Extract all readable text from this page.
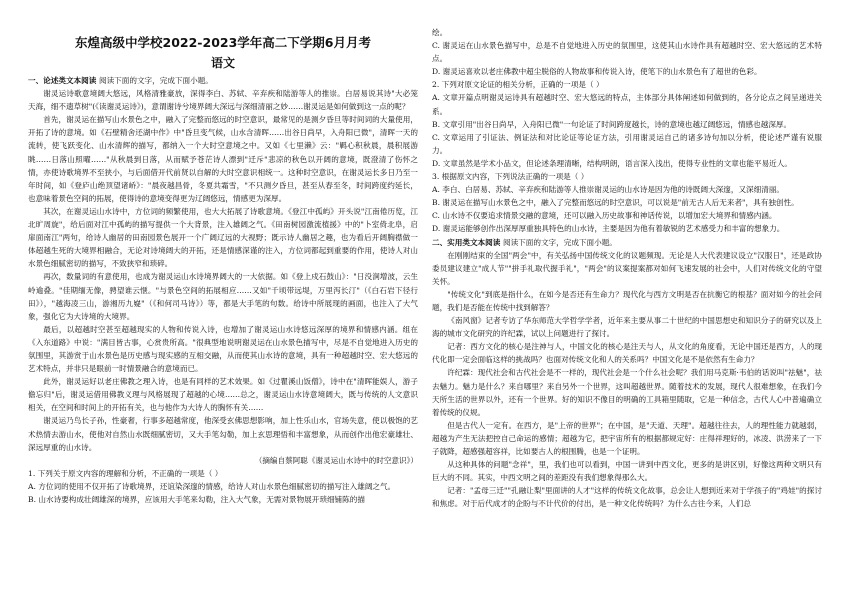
东煌高级中学校2022-2023学年高二下学期6月月考
语文
一、论述类文本阅读 阅读下面的文字，完成下面小题。

谢灵运诗歌意境阔大悠远，风格清雅豪放，深得李白、苏轼、辛弃疾和陆游等人的推崇。白居易说其诗"大必笼天海，细不遗草树"(《读谢灵运诗》)，意谓谢诗兮境界阔大深远与深细清丽之妙……谢灵运是如何做到这一点的呢？

首先，谢灵运在描写山水景色之中，融入了完整而悠远的时空意识，最常见的是测夕昏旦等时间词的大量使用，开拓了诗的意境。如《石壁精舍还湖中作》中"昏旦变气候，山水含清晖……出谷日尚早，入舟阳已微"，清晖一天的流转，使飞跃变化、山水清辉的描写，都纳入一个大时空意境之中。又如《七里濑》云："羁心积秋晨，晨积展游眺……日落山照曜……"从秋晨到日落，从而赋予苍茫诗人漂到"迁斥"悲凉的秋色以开阔的意境，既澄清了伤怀之情，亦使诗歌境界不至狭小，与后面借开代前贤以自解的大时空意识相统一。这种时空意识，在谢灵运长多日乃至一年时间，如《登庐山绝顶望诸峤》："晨夜越昌骨，冬夏共霜雪，"不只测夕昏旦，甚至从春至冬，时间跨度约延长，也意味着景色空间的拓展，使得诗的意境变得更为辽阔悠远，情感更为深厚。

其次，在谢灵运山水诗中，方位词的频繁使用，也大大拓展了诗歌意境。《登江中孤屿》开头说"江南倦历览，江北旷周旋"，给后面对江中孤屿的描写提供一个大背景，注入雄阔之气。《田南树园激流植援》中的"卜室倚北阜，启扉面南江"两句，给诗人幽居的田南园景色展开一个广阔辽远的大视野；既示诗人幽居之趣，也为看后开阔胸襟做一体超越生死的大境界相融合，无论对诗境阔大的开拓，还是情感深谨的注入，方位词都起到重要的作用，使诗人对山水景色细腻密切的描写，不致狭窄和琐碎。

再次，数量词的有意使用，也成为谢灵运山水诗境界阔大的一大依据。如《登上戍石鼓山》："日没涧增波，云生岭逾叠。"佳期缅无像，骋望谁云惬。"与景色空间的拓展相应……又如"千顷带远堤，万里泻长汀"（《白石岩下径行田》），"越海凌三山，游湘历九嶷"（《和何司马诗》）等，都是大手笔的句数。给诗中所展现的画面，也注入了大气象，强化它为大诗境的大境界。

最后，以超越时空甚至超越现实的人物和传说入诗，也增加了谢灵运山水诗悠远深厚的境界和情感内涵。组在《入东道路》中说："满目皆古事，心赏贵所高。"很典型地说明谢灵运在山水景色描写中，尽是不自觉地进入历史的氛围里，其游赏于山水景色是历史感与现实感的互相交融，从而使其山水诗的意境，具有一种超越时空、宏大悠远的艺术特点，并非只是眼前一时情景融合的意境而已。

此外，谢灵运好以老庄佛教之理入诗，也是有同样的艺术效果。如《过瞿溪山饭僧》，诗中在"清晖能娱人，游子儋忘归"后，谢灵运借用佛教义理与风格展现了超越的心境……总之，谢灵运山水诗意境阔大，既与传统的人文意识相关，在空间和时间上的开拓有关，也与他作为大诗人的胸怀有关……

谢灵运乃鸟长子孙，性豪奢，行事多超越常度，他深受玄佛思想影响，加上性乐山水，官场失意，使以极饱的艺术热情去游山水，使他对自然山水既细腻密切，又大手笔勾勒，加上玄思理悟和丰富想象，从而创作出他宏豪雄壮、深远厚重的山水诗。

（摘编自蔡阿聪《谢灵运山水诗中的时空意识》）

1. 下列关于原文内容的理解和分析，不正确的一项是（ ）

A. 方位词的使用不仅开拓了诗歌境界，还谊染深邃的情感，给诗人对山水景色细腻密切的描写注入雄阔之气。

B. 山水诗要构成壮阔雄深的境界，应该用大手笔来勾勒，注入大气象，无需对景物展开琐细铺陈的描

绘。

C. 谢灵运在山水景色描写中，总是不自觉地进入历史的氛围里，这使其山水诗作具有超越时空、宏大悠远的艺术特点。

D. 谢灵运喜欢以老庄佛教中超尘脱俗的人物故事和传说入诗，使笔下的山水景色有了超世的色彩。

2. 下列对原文论证的相关分析，正确的一项是（ ）

A. 文章开篇点明谢灵运诗具有超越时空、宏大悠远的特点，主体部分具体阐述如何做到的，各分论点之间呈递进关系。

B. 文章引用"出谷日尚早，入舟阳已微"一句论证了时间跨度越长，诗的意境也越辽阔悠远，情感也越深厚。

C. 文章运用了引证法、例证法和对比论证等论证方法，引用谢灵运自己的诸多诗句加以分析，使论述严谨有说服力。

D. 文章虽然是学术小品文，但论述条理清晰，结构明朗，语言深入浅出，使得专业性的文章也能平易近人。

3. 根据原文内容，下列说法正确的一项是（ ）

A. 李白、白居易、苏轼、辛弃疾和陆游等人推崇谢灵运的山水诗是因为他的诗既阔大深邃，又深细清丽。

B. 谢灵运在描写山水景色之中，融入了完整而悠远的时空意识，可以说是"前无古人后无来者"，具有独创性。

C. 山水诗不仅要追求情景交融的意境，还可以融入历史故事和神话传说，以增加宏大境界和情感内涵。

D. 谢灵运能够创作出深厚厚重独具特色的山水诗，主要是因为他有着敏锐的艺术感受力和丰富的想象力。

二、实用类文本阅读 阅读下面的文字，完成下面小题。

在刚刚结束的全国"两会"中，有关弘扬中国传统文化的议题频现。无论是人大代表建议设立"汉服日"，还是政协委员建议建立"成人节""拼手礼取代握手礼"，"两会"的议案提案都对如何飞速发展的社会中，人们对传统文化的守望关怀。

"传统文化"到底是指什么，在如今是否还有生命力？现代化与西方文明是否在抗衡它的根基？面对如今的社会问题，我们是否能在传统中找到解答？

《南风窗》记者专访了华东师范大学哲学学者，近年来主要从事二十世纪的中国思想史和知识分子的研究以及上海的城市文化研究的许纪霖，试以上问题进行了探讨。

记者：西方文化的核心是注神与人，中国文化的核心是注天与人，从文化的角度看，无论中国还是西方，人的现代化即一定会面临这样的挑战吗？也面对传统文化和人的关系吗？中国文化是不是依然有生命力？

许纪霖：现代社会和古代社会是不一样的，现代社会是一个什么社会呢？我们用马克斯·韦伯的话说叫"祛魅"，祛去魅力。魅力是什么？来自哪里？来自另外一个世界，这叫超越世界。随着技术的发展，现代人很难想象，在我们今天所生活的世界以外，还有一个世界。好的知识不像目的明确的工具箱里随取，它是一种信念，古代人心中普遍确立着传统的仪规。

但是古代人一定有。在西方，是"上帝的世界"；在中国，是"天道、天理"。超越往往去，人的理性能力就越弱，超越为产生无法把控自己命运的感情；超越为它，把宇宙所有的根据都规定好：庄得祥理好的，冰凌、洪涝来了一下子就降，超感强超容祥，比如要古人的根围腾，也是一个证明。

从这种具体的问题"念祥"，里，我们也可以看到，中国一讲到中西文化，更多的是讲区别，好像这两种文明只有巨大的不同。其实，中西文明之间的差距没有我们想象得那么大。

记者："孟母三迁""孔融让梨"里面讲的人才"这样的传统文化故事，总会让人想到近来对于学孩子的"鸡娃"的探讨和焦虑。对于后代成才的企盼与不计代价的付出，是一种文化传统吗？为什么古往今来，人们总
